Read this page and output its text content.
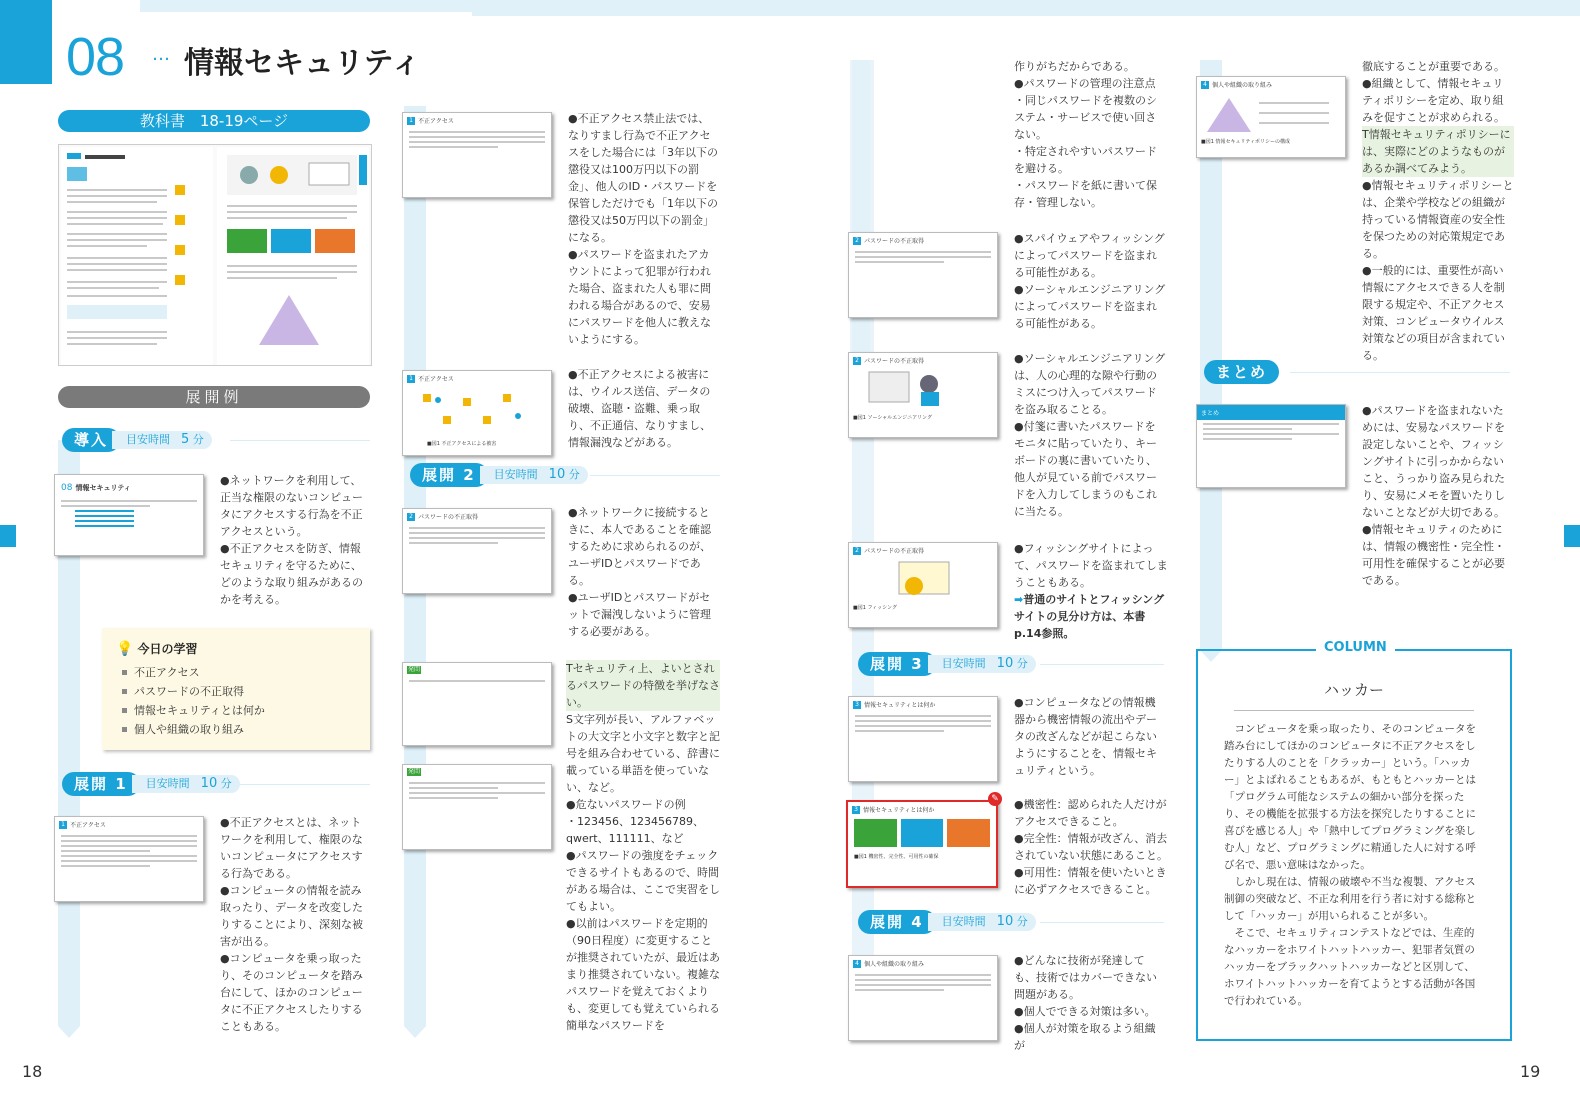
08 … 情報セキュリティ
教科書　18-19ページ
展開例
導入	目安時間　 5 分
08 情報セキュリティ

●ネットワークを利用して、正当な権限のないコンピュータにアクセスする行為を不正アクセスという。

●不正アクセスを防ぎ、情報セキュリティを守るために、どのような取り組みがあるのかを考える。

💡 今日の学習
不正アクセス
パスワードの不正取得
情報セキュリティとは何か
個人や組織の取り組み
展開 1	目安時間　 10 分
1 不正アクセス	●不正アクセスとは、ネットワークを利用して、権限のないコンピュータにアクセスする行為である。

●コンピュータの情報を読み取ったり、データを改変したりすることにより、深刻な被害が出る。

●コンピュータを乗っ取ったり、そのコンピュータを踏み台にして、ほかのコンピュータに不正アクセスしたりすることもある。

1 不正アクセス	●不正アクセス禁止法では、なりすまし行為で不正アクセスをした場合には「3年以下の懲役又は100万円以下の罰金」、他人のID・パスワードを保管しただけでも「1年以下の懲役又は50万円以下の罰金」になる。

●パスワードを盗まれたアカウントによって犯罪が行われた場合、盗まれた人も罪に問われる場合があるので、安易にパスワードを他人に教えないようにする。

1 不正アクセス
■図1 不正アクセスによる被害

●不正アクセスによる被害には、ウイルス送信、データの破壊、盗聴・盗難、乗っ取り、不正通信、なりすまし、情報漏洩などがある。

展開 2	目安時間　 10 分
2 パスワードの不正取得	●ネットワークに接続するときに、本人であることを確認するために求められるのが、ユーザIDとパスワードである。

●ユーザIDとパスワードがセットで漏洩しないように管理する必要がある。

発問	Tセキュリティ上、よいとされるパスワードの特徴を挙げなさい。

S文字列が長い、アルファベットの大文字と小文字と数字と記号を組み合わせている、辞書に載っている単語を使っていない、など。

●危ないパスワードの例

・123456、123456789、qwert、111111、など

●パスワードの強度をチェックできるサイトもあるので、時間がある場合は、ここで実習をしてもよい。

●以前はパスワードを定期的（90日程度）に変更することが推奨されていたが、最近はあまり推奨されていない。複雑なパスワードを覚えておくよりも、変更しても覚えていられる簡単なパスワードを

発問

作りがちだからである。

●パスワードの管理の注意点

・同じパスワードを複数のシステム・サービスで使い回さない。

・特定されやすいパスワードを避ける。

・パスワードを紙に書いて保存・管理しない。

2 パスワードの不正取得	●スパイウェアやフィッシングによってパスワードを盗まれる可能性がある。

●ソーシャルエンジニアリングによってパスワードを盗まれる可能性がある。

2 パスワードの不正取得
■図1 ソーシャルエンジニアリング

●ソーシャルエンジニアリングは、人の心理的な隙や行動のミスにつけ入ってパスワードを盗み取ることる。

●付箋に書いたパスワードをモニタに貼っていたり、キーボードの裏に書いていたり、他人が見ている前でパスワードを入力してしまうのもこれに当たる。

2 パスワードの不正取得
■図1 フィッシング

●フィッシングサイトによって、パスワードを盗まれてしまうこともある。

➡普通のサイトとフィッシングサイトの見分け方は、本書p.14参照。

展開 3	目安時間　 10 分
3 情報セキュリティとは何か	●コンピュータなどの情報機器から機密情報の流出やデータの改ざんなどが起こらないようにすることを、情報セキュリティという。

3 情報セキュリティとは何か
■図1 機密性、完全性、可用性の確保
✎ ●機密性：認められた人だけがアクセスできること。

●完全性：情報が改ざん、消去されていない状態にあること。

●可用性：情報を使いたいときに必ずアクセスできること。

展開 4	目安時間　 10 分
4 個人や組織の取り組み	●どんなに技術が発達しても、技術ではカバーできない問題がある。

●個人でできる対策は多い。

●個人が対策を取るよう組織が

4 個人や組織の取り組み
■図1 情報セキュリティポリシーの構成

徹底することが重要である。

●組織として、情報セキュリティポリシーを定め、取り組みを促すことが求められる。

T情報セキュリティポリシーには、実際にどのようなものがあるか調べてみよう。

●情報セキュリティポリシーとは、企業や学校などの組織が持っている情報資産の安全性を保つための対応策規定である。

●一般的には、重要性が高い情報にアクセスできる人を制限する規定や、不正アクセス対策、コンピュータウイルス対策などの項目が含まれている。

まとめ
まとめ	●パスワードを盗まれないためには、安易なパスワードを設定しないことや、フィッシングサイトに引っかからないこと、うっかり盗み見られたり、安易にメモを置いたりしないことなどが大切である。

●情報セキュリティのためには、情報の機密性・完全性・可用性を確保することが必要である。

ハッカー

コンピュータを乗っ取ったり、そのコンピュータを踏み台にしてほかのコンピュータに不正アクセスをしたりする人のことを「クラッカー」という。「ハッカー」とよばれることもあるが、もともとハッカーとは「プログラム可能なシステムの細かい部分を探ったり、その機能を拡張する方法を探究したりすることに喜びを感じる人」や「熱中してプログラミングを楽しむ人」など、プログラミングに精通した人に対する呼び名で、悪い意味はなかった。

しかし現在は、情報の破壊や不当な複製、アクセス制御の突破など、不正な利用を行う者に対する総称として「ハッカー」が用いられることが多い。

そこで、セキュリティコンテストなどでは、生産的なハッカーをホワイトハットハッカー、犯罪者気質のハッカーをブラックハットハッカーなどと区別して、ホワイトハットハッカーを育てようとする活動が各国で行われている。

COLUMN
18	19
